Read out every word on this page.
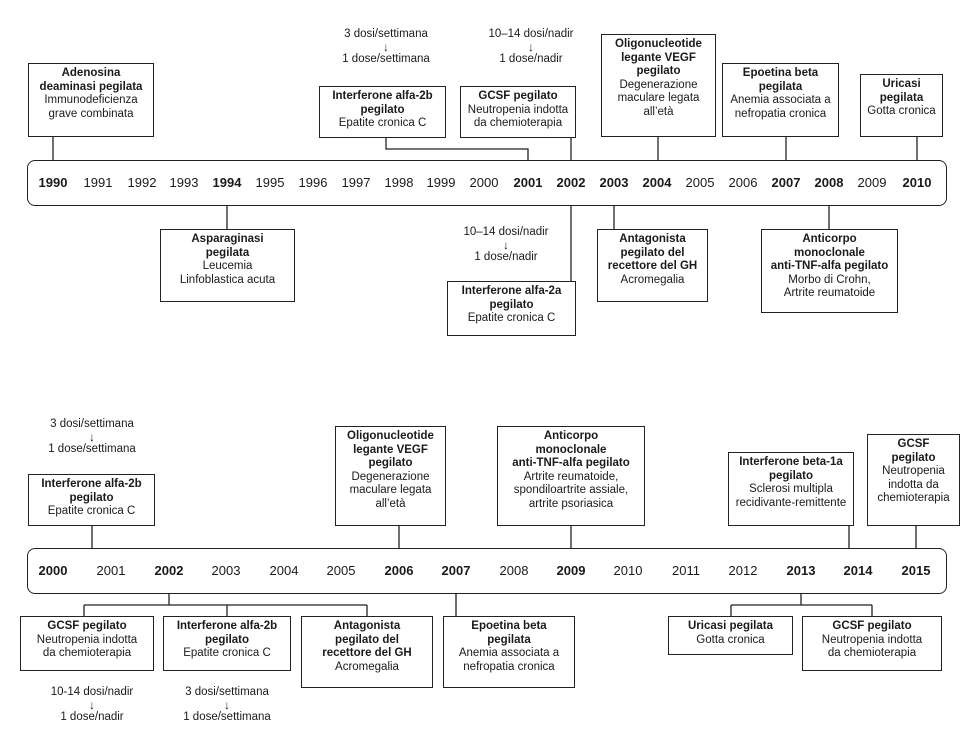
1990	1991	1992	1993	1994	1995	1996	1997	1998	1999	2000	2001	2002	2003	2004	2005	2006	2007	2008	2009	2010
Adenosina
deaminasi pegilata
Immunodeficienza
grave combinata
Interferone alfa-2b
pegilato
Epatite cronica C
GCSF pegilato
Neutropenia indotta
da chemioterapia
Oligonucleotide
legante VEGF
pegilato
Degenerazione
maculare legata
all’età
Epoetina beta
pegilata
Anemia associata a
nefropatia cronica
Uricasi
pegilata
Gotta cronica
Asparaginasi
pegilata
Leucemia
Linfoblastica acuta
Interferone alfa-2a
pegilato
Epatite cronica C
Antagonista
pegilato del
recettore del GH
Acromegalia
Anticorpo
monoclonale
anti-TNF-alfa pegilato
Morbo di Crohn,
Artrite reumatoide
3 dosi/settimana
↓
1 dose/settimana
10–14 dosi/nadir
↓
1 dose/nadir
10–14 dosi/nadir
↓
1 dose/nadir
2000	2001	2002	2003	2004	2005	2006	2007	2008	2009	2010	2011	2012	2013	2014	2015
Interferone alfa-2b
pegilato
Epatite cronica C
Oligonucleotide
legante VEGF
pegilato
Degenerazione
maculare legata
all’età
Anticorpo
monoclonale
anti-TNF-alfa pegilato
Artrite reumatoide,
spondiloartrite assiale,
artrite psoriasica
Interferone beta-1a
pegilato
Sclerosi multipla
recidivante-remittente
GCSF
pegilato
Neutropenia
indotta da
chemioterapia
GCSF pegilato
Neutropenia indotta
da chemioterapia
Interferone alfa-2b
pegilato
Epatite cronica C
Antagonista
pegilato del
recettore del GH
Acromegalia
Epoetina beta
pegilata
Anemia associata a
nefropatia cronica
Uricasi pegilata
Gotta cronica
GCSF pegilato
Neutropenia indotta
da chemioterapia
3 dosi/settimana
↓
1 dose/settimana
10-14 dosi/nadir
↓
1 dose/nadir
3 dosi/settimana
↓
1 dose/settimana
